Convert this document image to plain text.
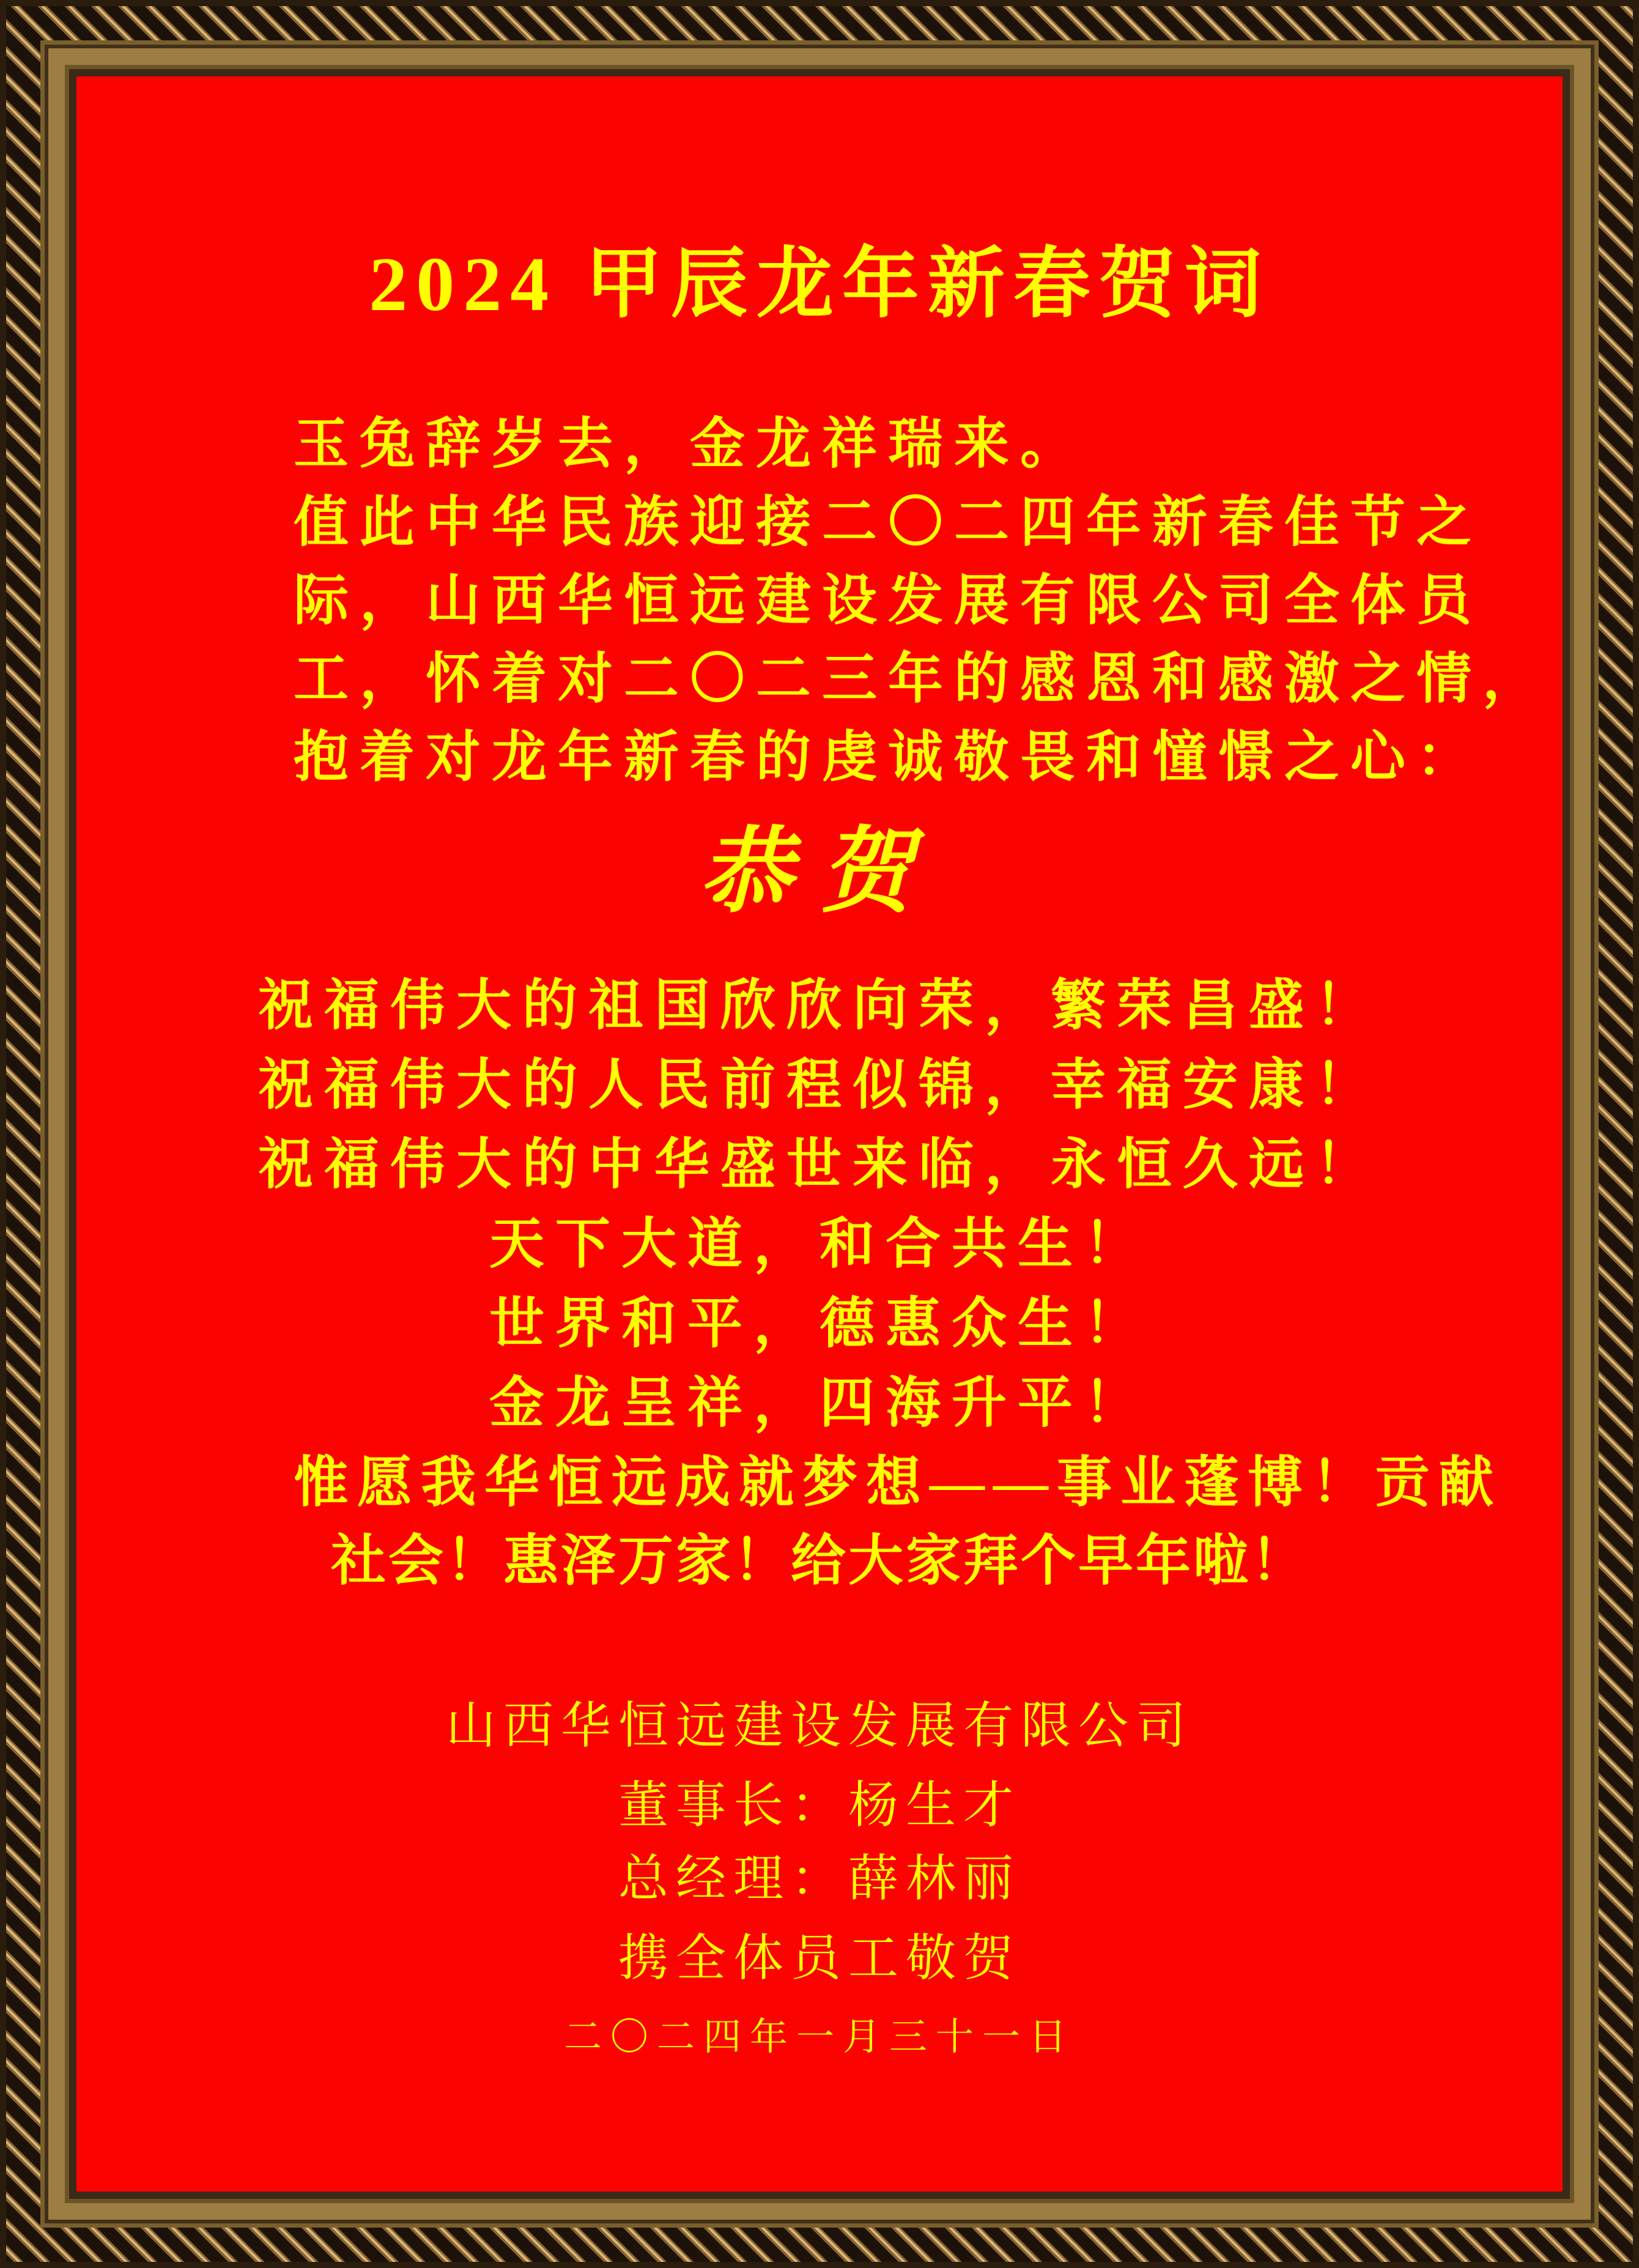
2024 甲辰龙年新春贺词
玉兔辞岁去，金龙祥瑞来。
值此中华民族迎接二〇二四年新春佳节之
际，山西华恒远建设发展有限公司全体员
工，怀着对二〇二三年的感恩和感激之情，
抱着对龙年新春的虔诚敬畏和憧憬之心：
恭贺
祝福伟大的祖国欣欣向荣，繁荣昌盛！
祝福伟大的人民前程似锦，幸福安康！
祝福伟大的中华盛世来临，永恒久远！
天下大道，和合共生！
世界和平，德惠众生！
金龙呈祥，四海升平！
惟愿我华恒远成就梦想——事业蓬博！贡献
社会！惠泽万家！给大家拜个早年啦！
山西华恒远建设发展有限公司
董事长：杨生才
总经理：薛林丽
携全体员工敬贺
二〇二四年一月三十一日
